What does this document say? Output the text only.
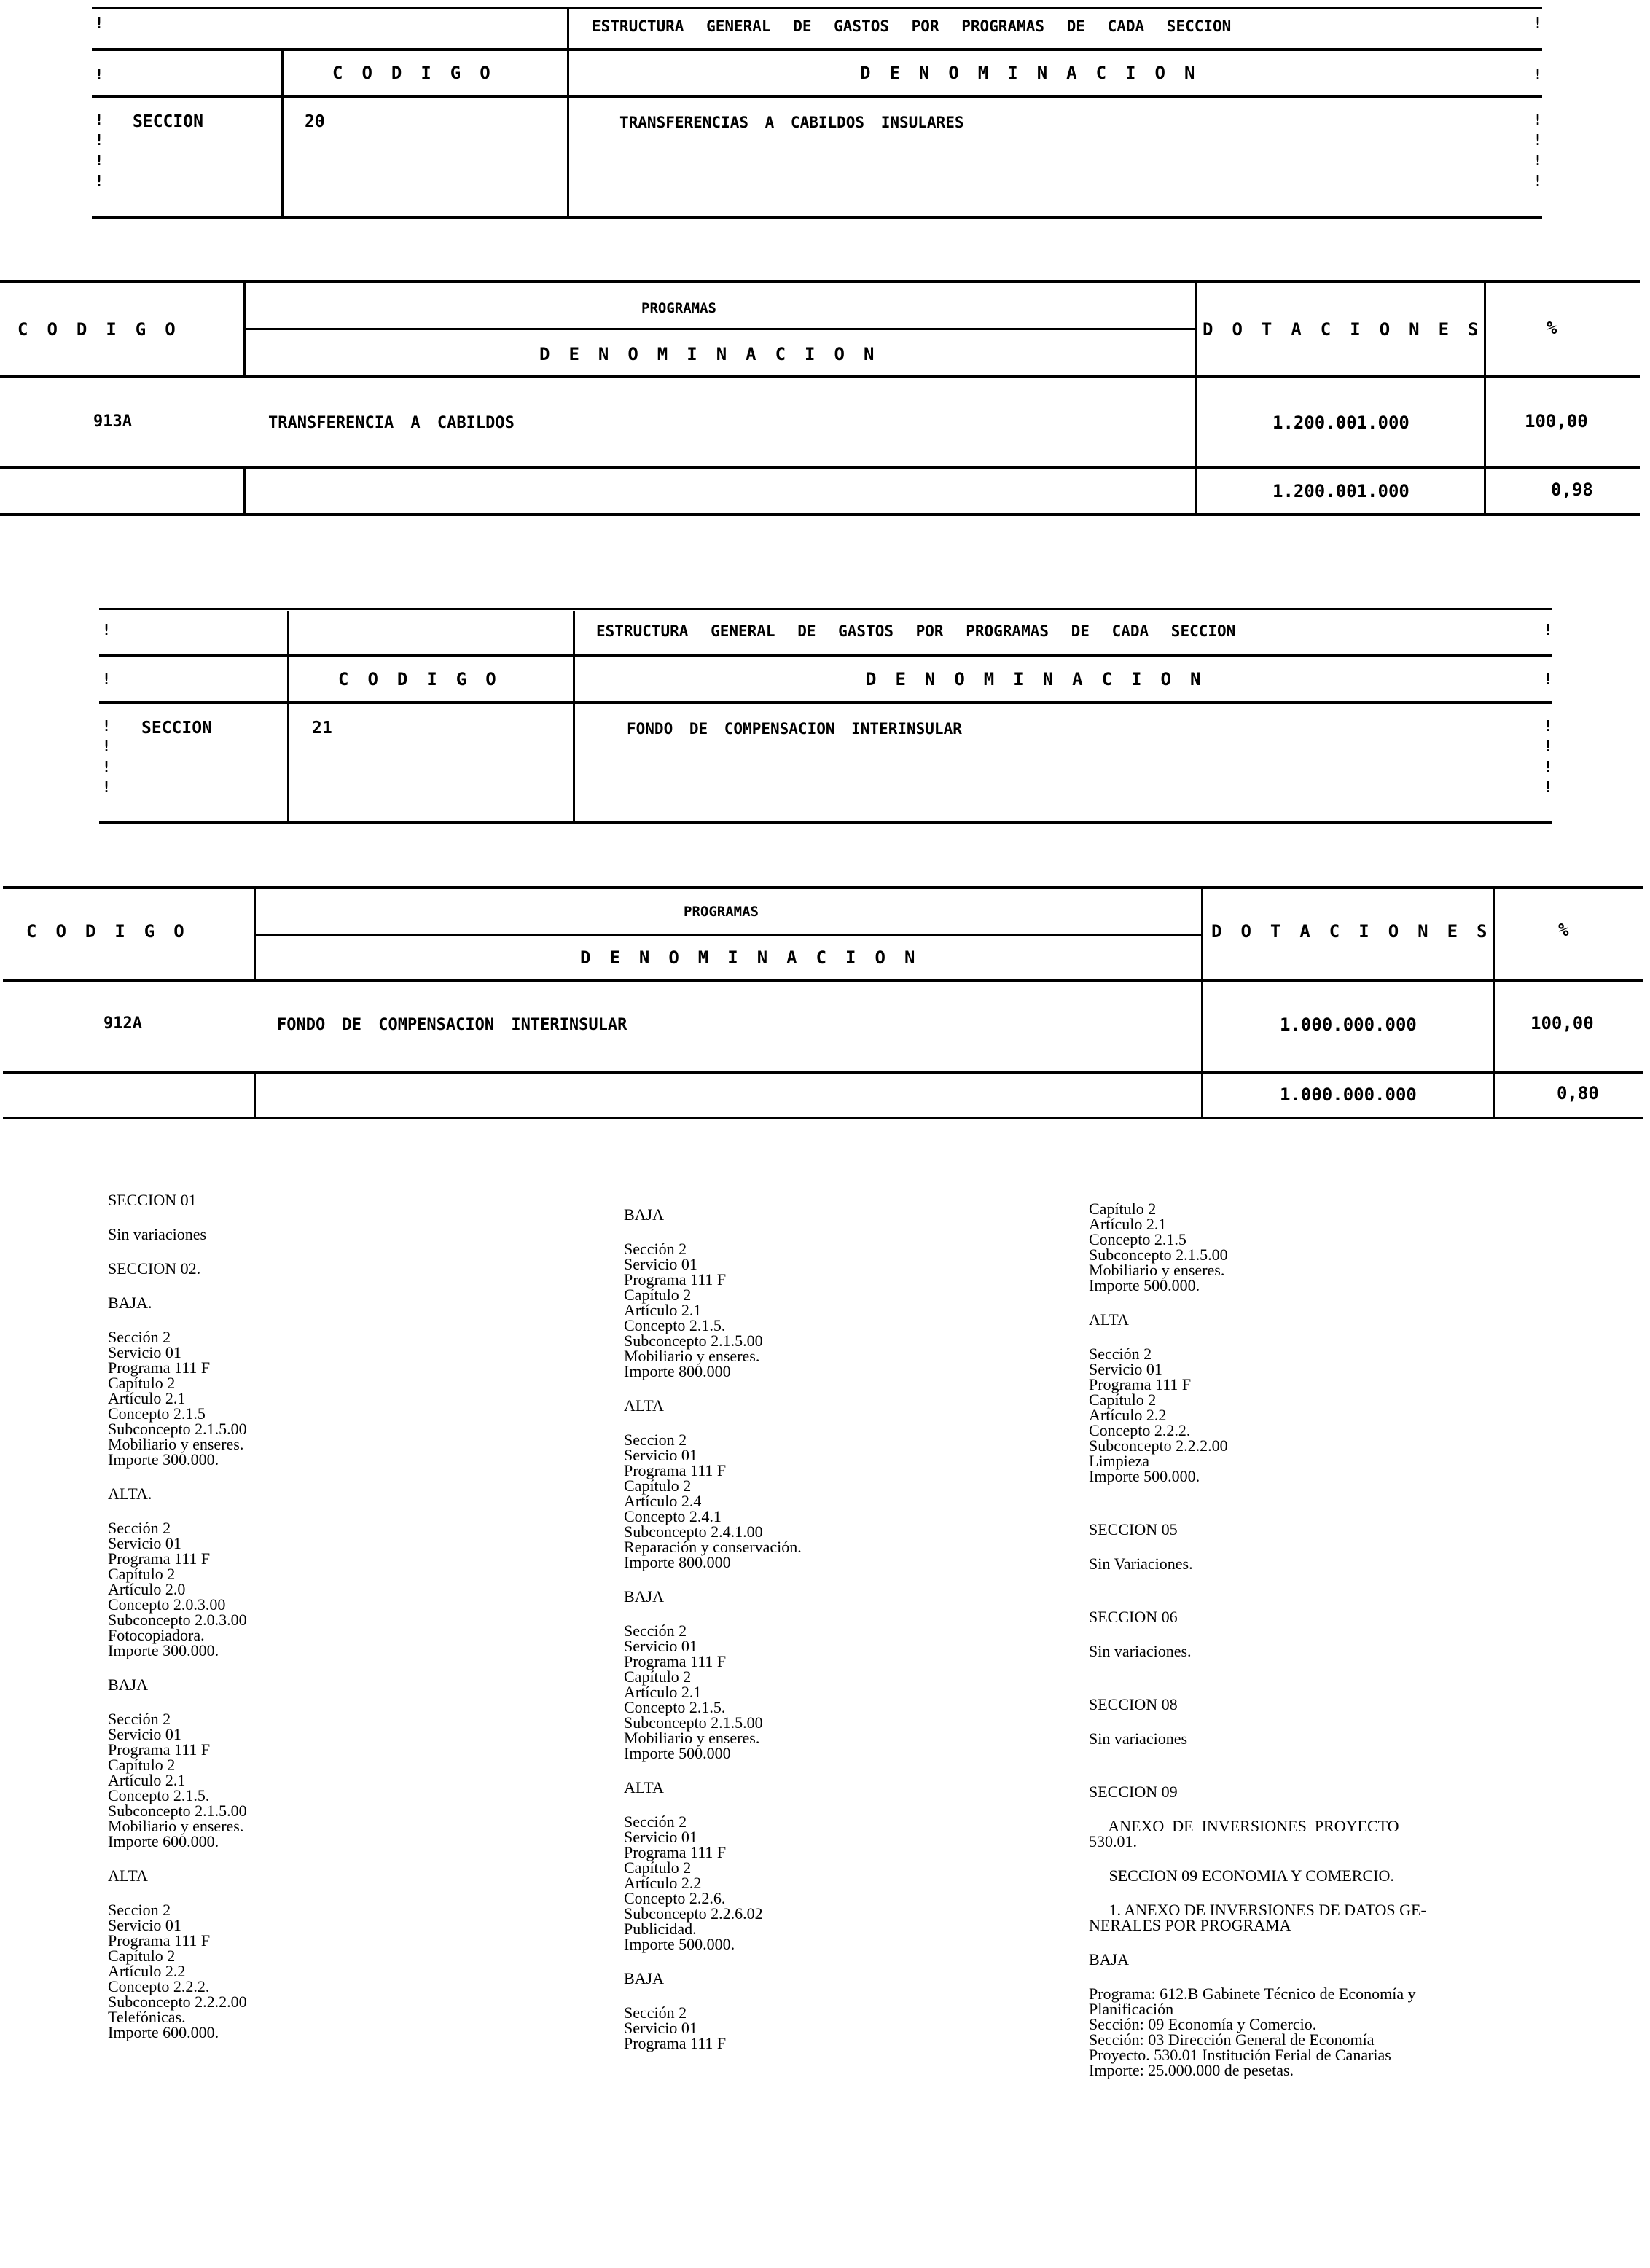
!
!
!
!
!
!
!
!
!
!
!
!
ESTRUCTURA GENERAL DE GASTOS POR PROGRAMAS DE CADA SECCION
CODIGO	DENOMINACION
SECCION	20	TRANSFERENCIAS A CABILDOS INSULARES
CODIGO
PROGRAMAS
DENOMINACION
DOTACIONES	%
913A	TRANSFERENCIA A CABILDOS	1.200.001.000	100,00
1.200.001.000	0,98
!
!
!
!
!
!
!
!
!
!
!
!
ESTRUCTURA GENERAL DE GASTOS POR PROGRAMAS DE CADA SECCION
CODIGO	DENOMINACION
SECCION	21	FONDO DE COMPENSACION INTERINSULAR
CODIGO
PROGRAMAS
DENOMINACION
DOTACIONES	%
912A	FONDO DE COMPENSACION INTERINSULAR	1.000.000.000	100,00
1.000.000.000	0,80

SECCION 01

Sin variaciones

SECCION 02.

BAJA.

Sección 2

Servicio 01

Programa 111 F

Capítulo 2

Artículo 2.1

Concepto 2.1.5

Subconcepto 2.1.5.00

Mobiliario y enseres.

Importe 300.000.

ALTA.

Sección 2

Servicio 01

Programa 111 F

Capítulo 2

Artículo 2.0

Concepto 2.0.3.00

Subconcepto 2.0.3.00

Fotocopiadora.

Importe 300.000.

BAJA

Sección 2

Servicio 01

Programa 111 F

Capítulo 2

Artículo 2.1

Concepto 2.1.5.

Subconcepto 2.1.5.00

Mobiliario y enseres.

Importe 600.000.

ALTA

Seccion 2

Servicio 01

Programa 111 F

Capítulo 2

Artículo 2.2

Concepto 2.2.2.

Subconcepto 2.2.2.00

Telefónicas.

Importe 600.000.

BAJA

Sección 2

Servicio 01

Programa 111 F

Capítulo 2

Artículo 2.1

Concepto 2.1.5.

Subconcepto 2.1.5.00

Mobiliario y enseres.

Importe 800.000

ALTA

Seccion 2

Servicio 01

Programa 111 F

Capítulo 2

Artículo 2.4

Concepto 2.4.1

Subconcepto 2.4.1.00

Reparación y conservación.

Importe 800.000

BAJA

Sección 2

Servicio 01

Programa 111 F

Capítulo 2

Artículo 2.1

Concepto 2.1.5.

Subconcepto 2.1.5.00

Mobiliario y enseres.

Importe 500.000

ALTA

Sección 2

Servicio 01

Programa 111 F

Capítulo 2

Artículo 2.2

Concepto 2.2.6.

Subconcepto 2.2.6.02

Publicidad.

Importe 500.000.

BAJA

Sección 2

Servicio 01

Programa 111 F

Capítulo 2

Artículo 2.1

Concepto 2.1.5

Subconcepto 2.1.5.00

Mobiliario y enseres.

Importe 500.000.

ALTA

Sección 2

Servicio 01

Programa 111 F

Capítulo 2

Artículo 2.2

Concepto 2.2.2.

Subconcepto 2.2.2.00

Limpieza

Importe 500.000.

SECCION 05

Sin Variaciones.

SECCION 06

Sin variaciones.

SECCION 08

Sin variaciones

SECCION 09

ANEXO  DE  INVERSIONES  PROYECTO

530.01.

SECCION 09 ECONOMIA Y COMERCIO.

1. ANEXO DE INVERSIONES DE DATOS GE-

NERALES POR PROGRAMA

BAJA

Programa: 612.B Gabinete Técnico de Economía y

Planificación

Sección: 09 Economía y Comercio.

Sección: 03 Dirección General de Economía

Proyecto. 530.01 Institución Ferial de Canarias

Importe: 25.000.000 de pesetas.
